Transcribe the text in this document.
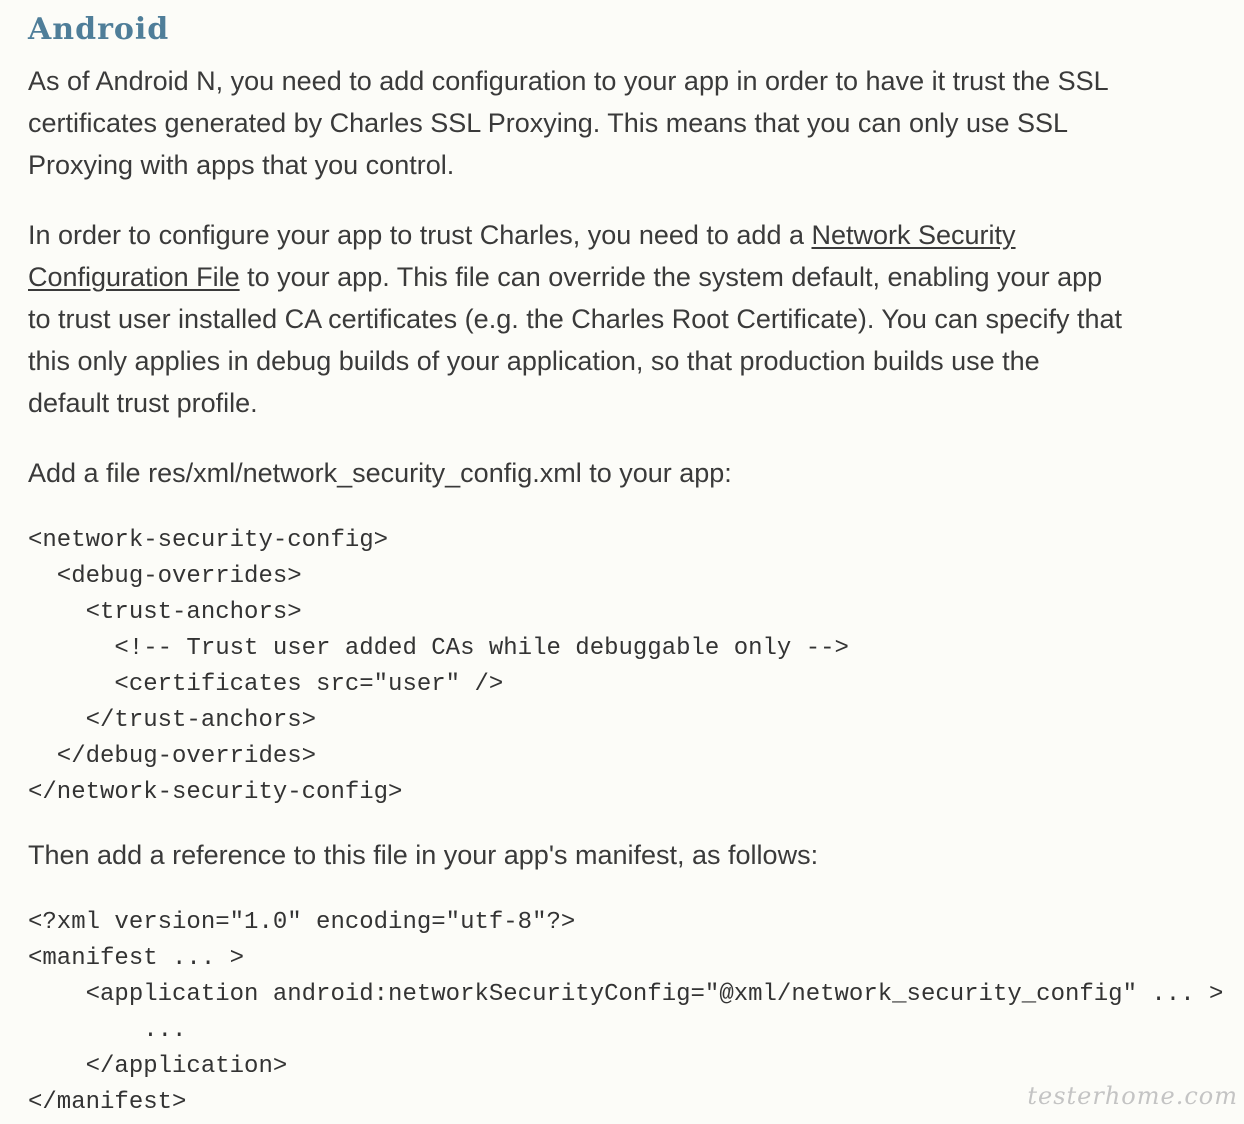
Android

As of Android N, you need to add configuration to your app in order to have it trust the SSL certificates generated by Charles SSL Proxying. This means that you can only use SSL Proxying with apps that you control.

In order to configure your app to trust Charles, you need to add a Network Security Configuration File to your app. This file can override the system default, enabling your app to trust user installed CA certificates (e.g. the Charles Root Certificate). You can specify that this only applies in debug builds of your application, so that production builds use the default trust profile.

Add a file res/xml/network_security_config.xml to your app:

<network-security-config>
<debug-overrides>
<trust-anchors>
<!-- Trust user added CAs while debuggable only -->
<certificates src="user" />
</trust-anchors>
</debug-overrides>
</network-security-config>

Then add a reference to this file in your app's manifest, as follows:

<?xml version="1.0" encoding="utf-8"?>
<manifest ... >
<application android:networkSecurityConfig="@xml/network_security_config" ... >
...
</application>
</manifest>	testerhome.com
